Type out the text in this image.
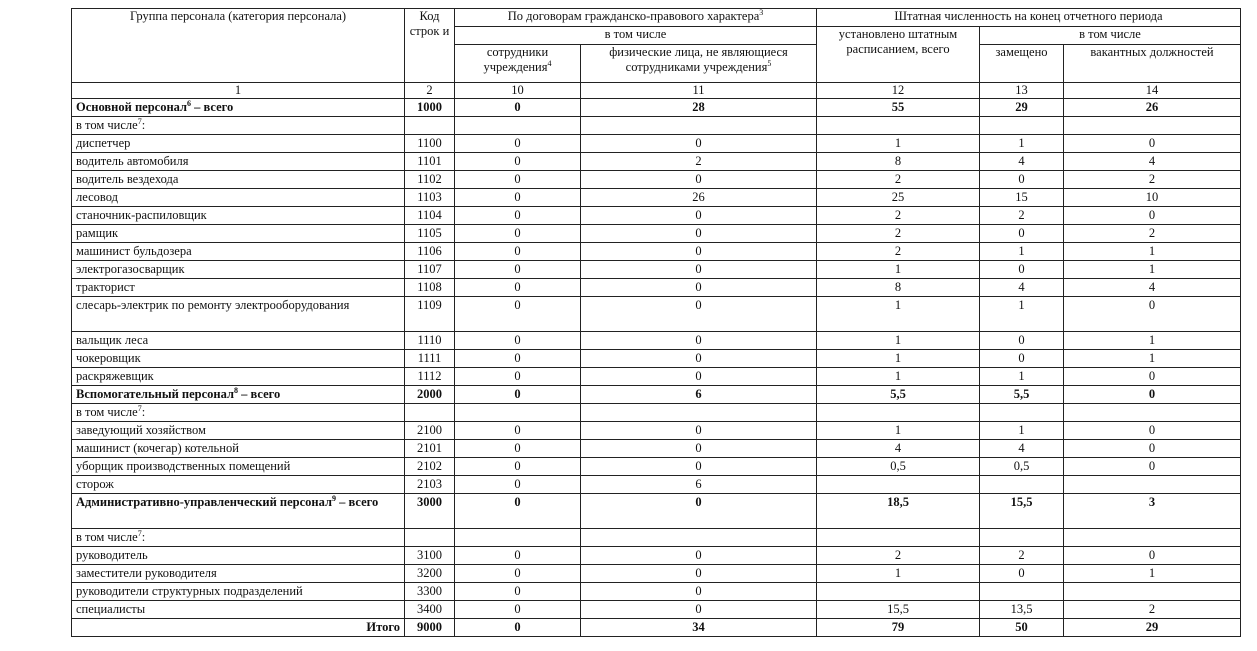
Группа персонала (категория персонала)	Код строк и	По договорам гражданско-правового характера$^3$		Штатная численность на конец отчетного периода		
		в том числе		установлено штатным расписанием, всего	в том числе	
		сотрудники учреждения$^4$	физические лица, не являющиеся сотрудниками учреждения$^5$		замещено	вакантных должностей
1	2	10	11	12	13	14
Основной персонал$^6$ – всего	1000	0	28	55	29	26
в том числе$^7$:						
диспетчер	1100	0	0	1	1	0
водитель автомобиля	1101	0	2	8	4	4
водитель вездехода	1102	0	0	2	0	2
лесовод	1103	0	26	25	15	10
станочник-распиловщик	1104	0	0	2	2	0
рамщик	1105	0	0	2	0	2
машинист бульдозера	1106	0	0	2	1	1
электрогазосварщик	1107	0	0	1	0	1
тракторист	1108	0	0	8	4	4
слесарь-электрик по ремонту электрооборудования	1109	0	0	1	1	0
вальщик леса	1110	0	0	1	0	1
чокеровщик	1111	0	0	1	0	1
раскряжевщик	1112	0	0	1	1	0
Вспомогательный персонал$^8$ – всего	2000	0	6	5,5	5,5	0
в том числе$^7$:						
заведующий хозяйством	2100	0	0	1	1	0
машинист (кочегар) котельной	2101	0	0	4	4	0
уборщик производственных помещений	2102	0	0	0,5	0,5	0
сторож	2103	0	6			
Административно-управленческий персонал$^9$ – всего	3000	0	0	18,5	15,5	3
в том числе$^7$:						
руководитель	3100	0	0	2	2	0
заместители руководителя	3200	0	0	1	0	1
руководители структурных подразделений	3300	0	0			
специалисты	3400	0	0	15,5	13,5	2
Итого	9000	0	34	79	50	29
